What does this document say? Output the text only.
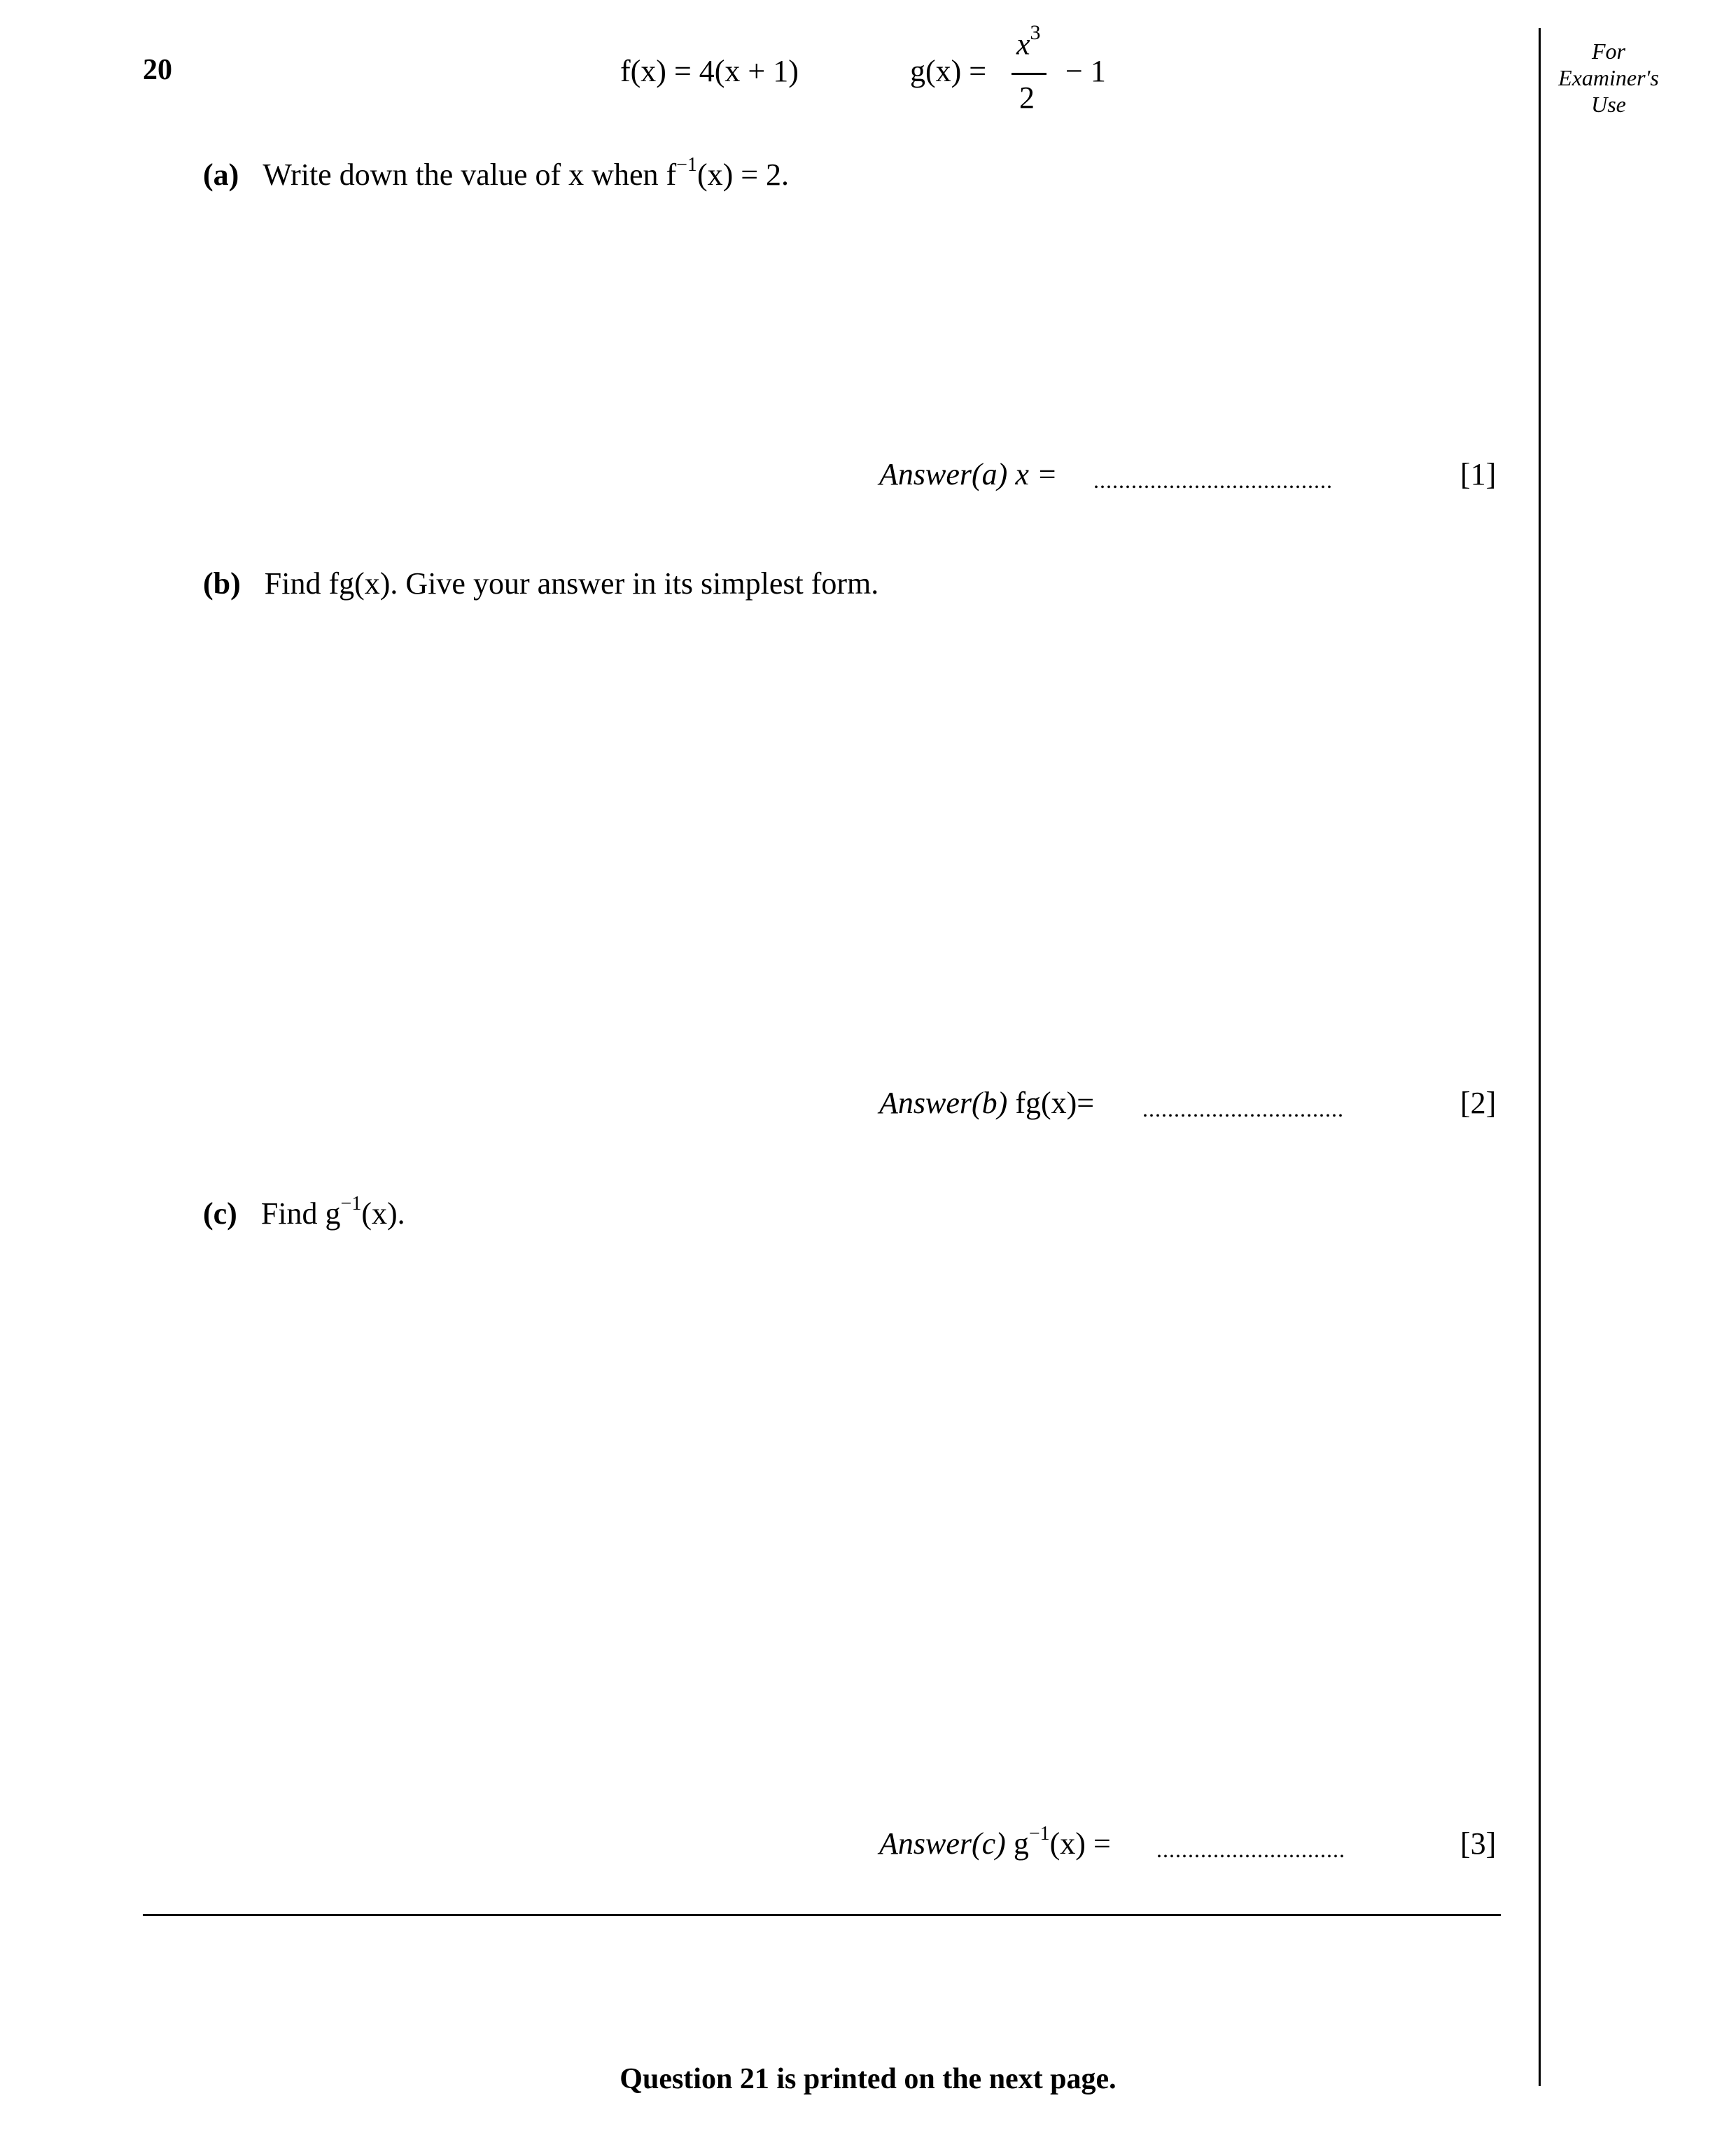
20	f(x) = 4(x + 1)	g(x) =
$x^3$
2
− 1
For Examiner's Use
(a) Write down the value of x when $f^{-1}(x) = 2$.
Answer(a) x = ......................................	[1]
(b) Find fg(x). Give your answer in its simplest form.
Answer(b) fg(x)= ................................	[2]
(c) Find $g^{-1}(x)$.
Answer(c) $g^{-1}(x)$ = ..............................	[3]
Question 21 is printed on the next page.
